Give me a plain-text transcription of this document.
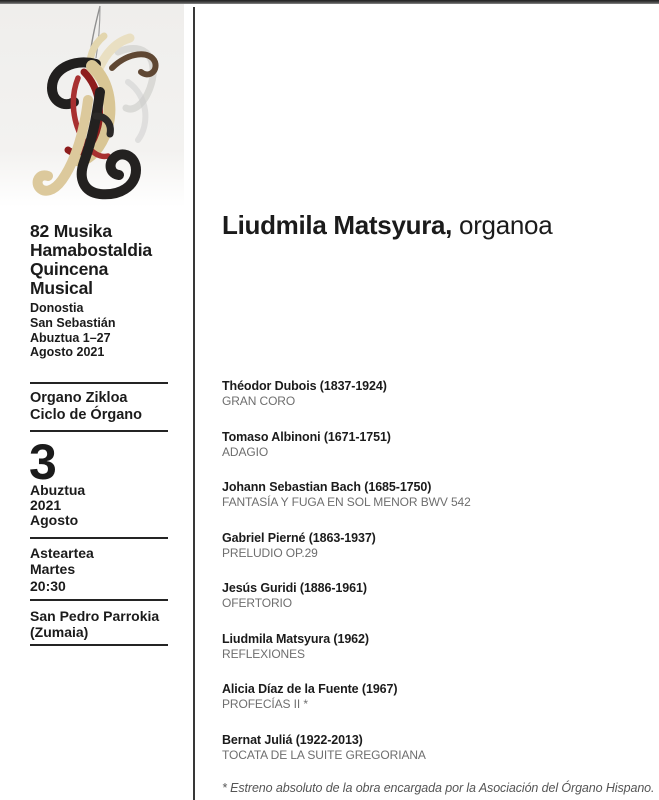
82 Musika
Hamabostaldia
Quincena
Musical
Donostia
San Sebastián
Abuztua 1–27
Agosto 2021
Organo Zikloa
Ciclo de Órgano
3
Abuztua
2021
Agosto
Asteartea
Martes
20:30
San Pedro Parrokia
(Zumaia)
Liudmila Matsyura, organoa
Théodor Dubois (1837-1924)
GRAN CORO
Tomaso Albinoni (1671-1751)
ADAGIO
Johann Sebastian Bach (1685-1750)
FANTASÍA Y FUGA EN SOL MENOR BWV 542
Gabriel Pierné (1863-1937)
PRELUDIO OP.29
Jesús Guridi (1886-1961)
OFERTORIO
Liudmila Matsyura (1962)
REFLEXIONES
Alicia Díaz de la Fuente (1967)
PROFECÍAS II *
Bernat Juliá (1922-2013)
TOCATA DE LA SUITE GREGORIANA

* Estreno absoluto de la obra encargada por la Asociación del Órgano Hispano.
